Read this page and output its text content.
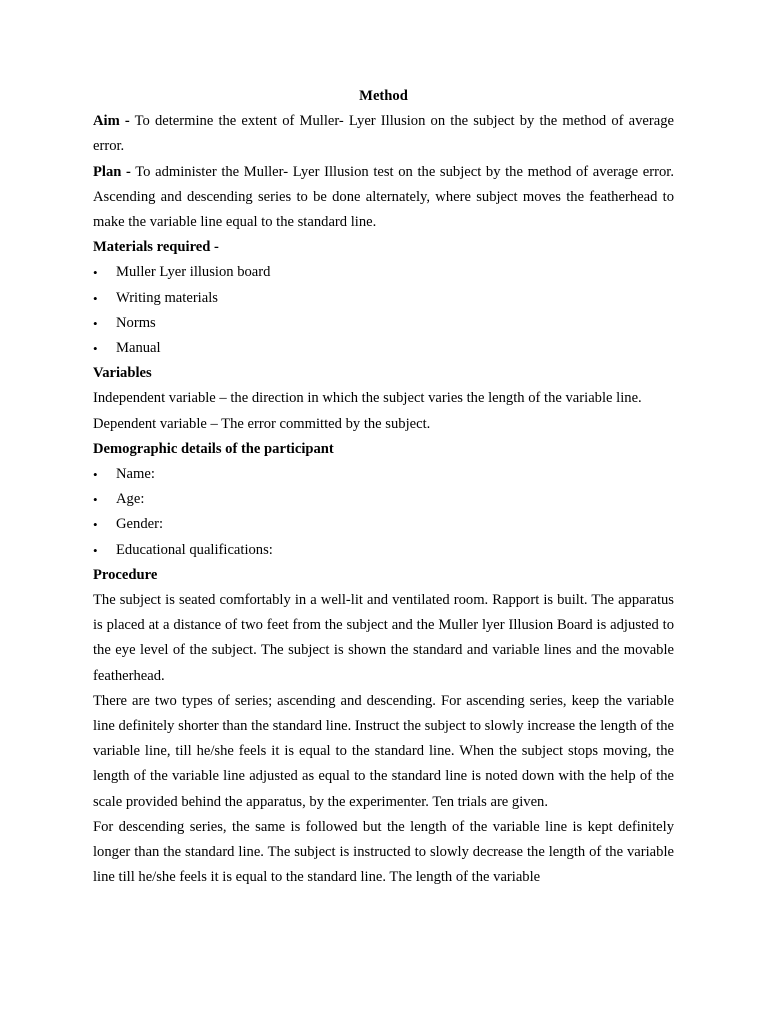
Method

Aim - To determine the extent of Muller- Lyer Illusion on the subject by the method of average error.

Plan - To administer the Muller- Lyer Illusion test on the subject by the method of average error. Ascending and descending series to be done alternately, where subject moves the featherhead to make the variable line equal to the standard line.

Materials required -

• Muller Lyer illusion board
• Writing materials
• Norms
• Manual

Variables

Independent variable – the direction in which the subject varies the length of the variable line.

Dependent variable – The error committed by the subject.

Demographic details of the participant

• Name:
• Age:
• Gender:
• Educational qualifications:

Procedure

The subject is seated comfortably in a well-lit and ventilated room. Rapport is built. The apparatus is placed at a distance of two feet from the subject and the Muller lyer Illusion Board is adjusted to the eye level of the subject. The subject is shown the standard and variable lines and the movable featherhead.

There are two types of series; ascending and descending. For ascending series, keep the variable line definitely shorter than the standard line. Instruct the subject to slowly increase the length of the variable line, till he/she feels it is equal to the standard line. When the subject stops moving, the length of the variable line adjusted as equal to the standard line is noted down with the help of the scale provided behind the apparatus, by the experimenter. Ten trials are given.

For descending series, the same is followed but the length of the variable line is kept definitely longer than the standard line. The subject is instructed to slowly decrease the length of the variable line till he/she feels it is equal to the standard line. The length of the variable
